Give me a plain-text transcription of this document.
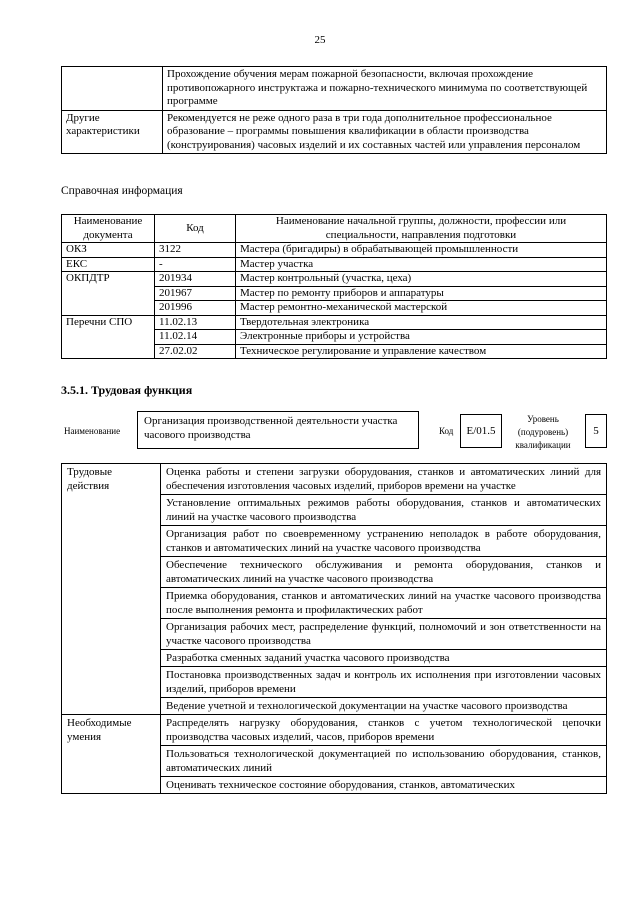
25
	Прохождение обучения мерам пожарной безопасности, включая прохождение противопожарного инструктажа и пожарно-технического минимума по соответствующей программе
Другие характеристики	Рекомендуется не реже одного раза в три года дополнительное профессиональное образование – программы повышения квалификации в области производства (конструирования) часовых изделий и их составных частей или управления персоналом
Справочная информация
Наименование документа	Код	Наименование начальной группы, должности, профессии или специальности, направления подготовки
ОКЗ	3122	Мастера (бригадиры) в обрабатывающей промышленности
ЕКС	-	Мастер участка
ОКПДТР	201934	Мастер контрольный (участка, цеха)
	201967	Мастер по ремонту приборов и аппаратуры
	201996	Мастер ремонтно-механической мастерской
Перечни СПО	11.02.13	Твердотельная электроника
	11.02.14	Электронные приборы и устройства
	27.02.02	Техническое регулирование и управление качеством
3.5.1. Трудовая функция
Наименование
Организация производственной деятельности участка часового производства	Код	E/01.5
Уровень (подуровень) квалификации
5
Трудовые действия	Оценка работы и степени загрузки оборудования, станков и автоматических линий для обеспечения изготовления часовых изделий, приборов времени на участке
	Установление оптимальных режимов работы оборудования, станков и автоматических линий на участке часового производства
	Организация работ по своевременному устранению неполадок в работе оборудования, станков и автоматических линий на участке часового производства
	Обеспечение технического обслуживания и ремонта оборудования, станков и автоматических линий на участке часового производства
	Приемка оборудования, станков и автоматических линий на участке часового производства после выполнения ремонта и профилактических работ
	Организация рабочих мест, распределение функций, полномочий и зон ответственности на участке часового производства
	Разработка сменных заданий участка часового производства
	Постановка производственных задач и контроль их исполнения при изготовлении часовых изделий, приборов времени
	Ведение учетной и технологической документации на участке часового производства
Необходимые умения	Распределять нагрузку оборудования, станков с учетом технологической цепочки производства часовых изделий, часов, приборов времени
	Пользоваться технологической документацией по использованию оборудования, станков, автоматических линий
	Оценивать техническое состояние оборудования, станков, автоматических
